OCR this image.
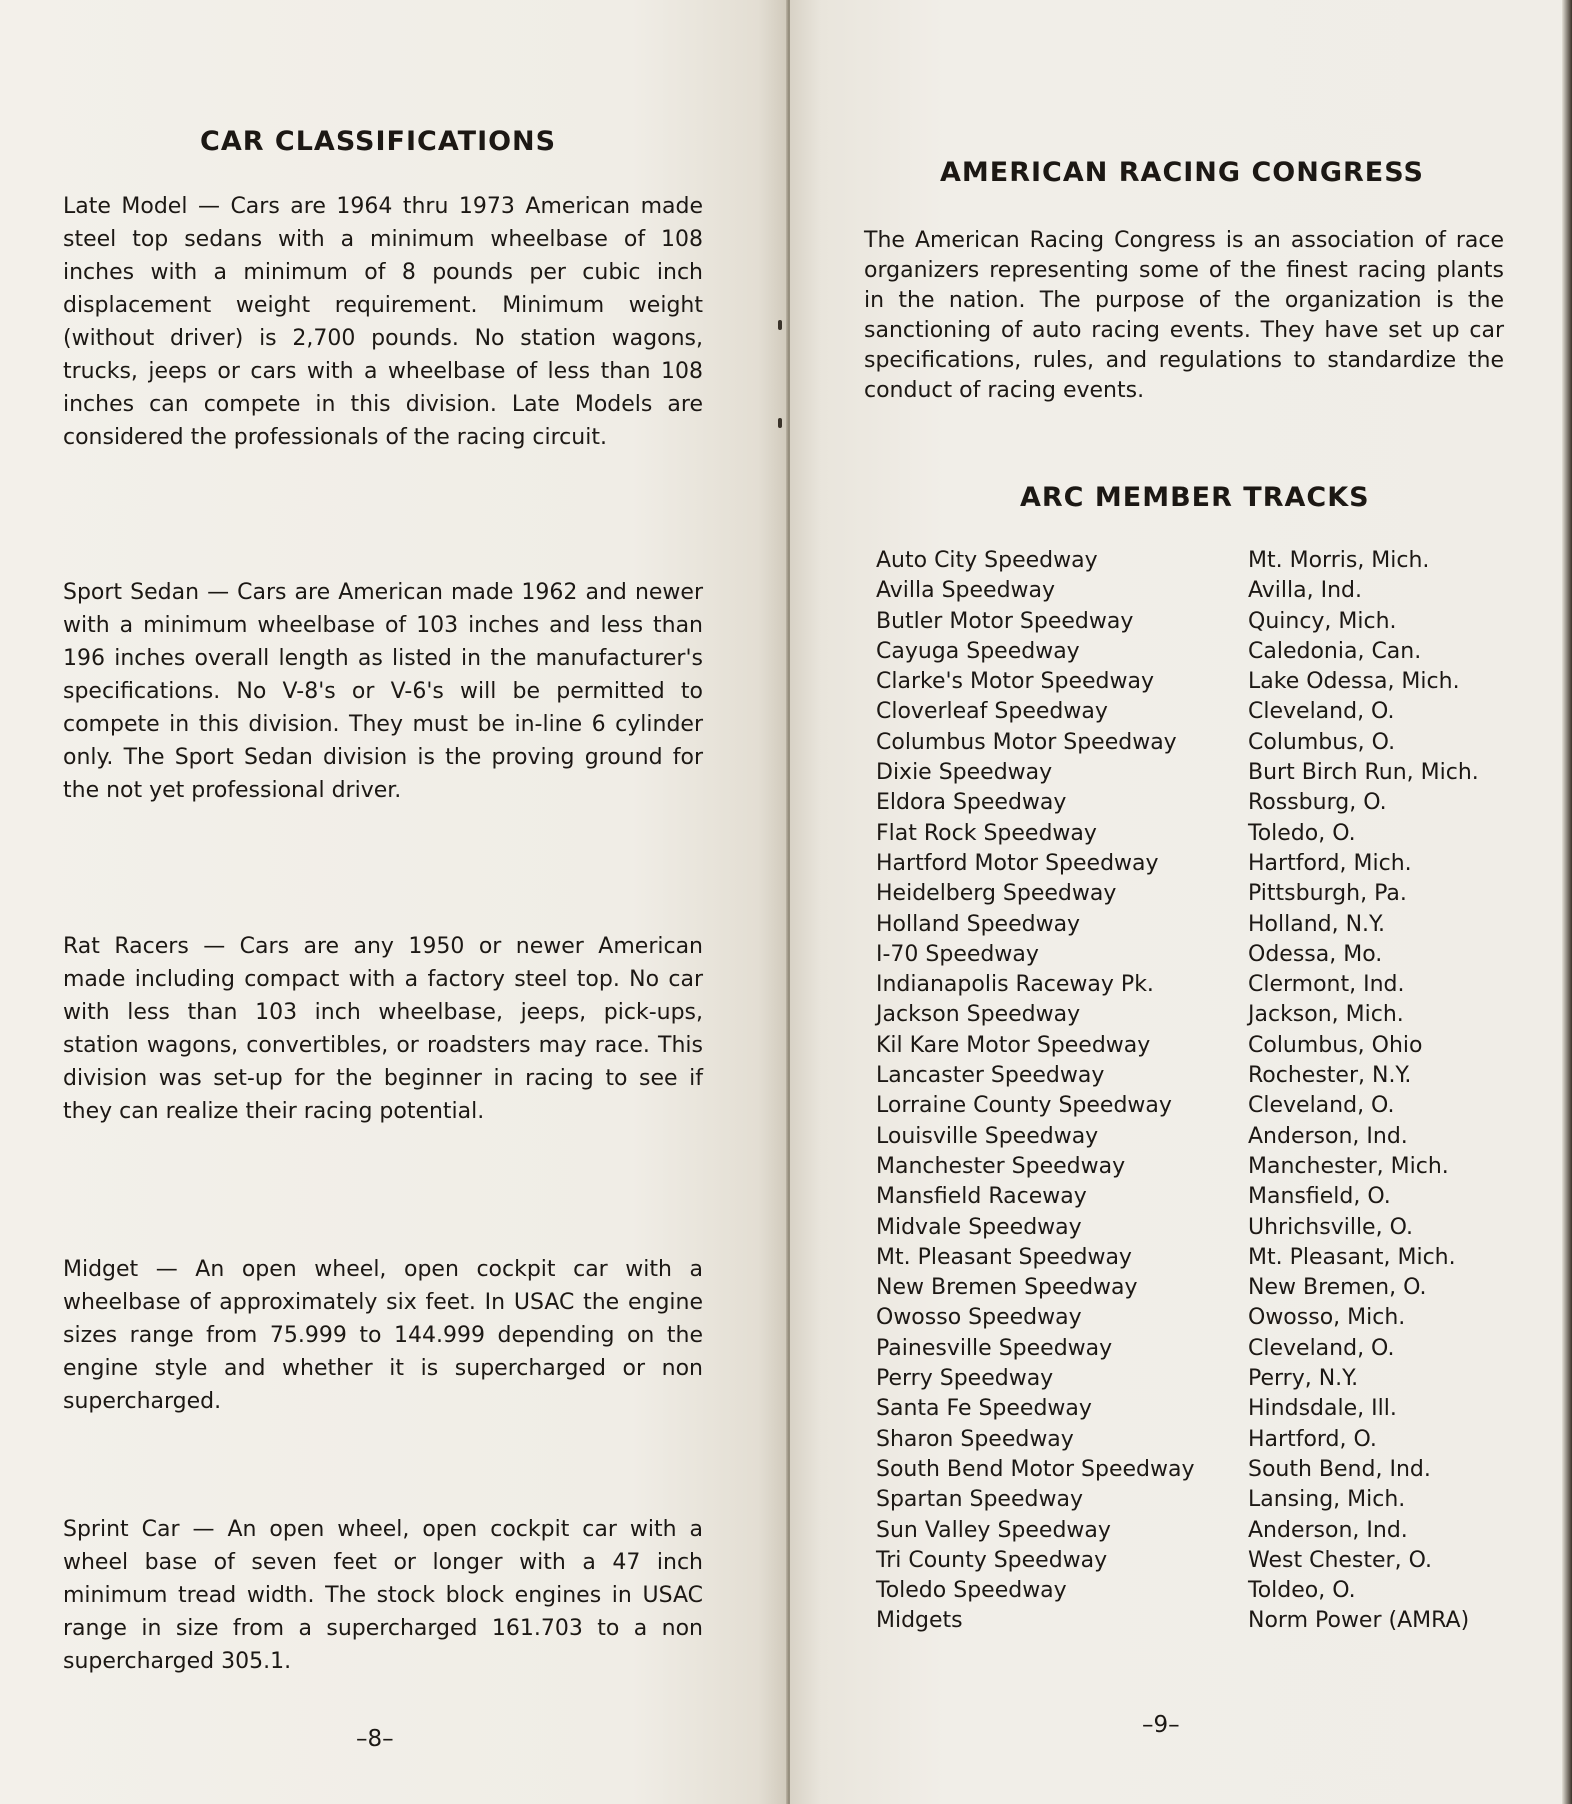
CAR CLASSIFICATIONS

Late Model — Cars are 1964 thru 1973 American made steel top sedans with a minimum wheelbase of 108 inches with a minimum of 8 pounds per cubic inch displacement weight requirement. Minimum weight (without driver) is 2,700 pounds. No station wagons, trucks, jeeps or cars with a wheelbase of less than 108 inches can compete in this division. Late Models are considered the professionals of the racing circuit.

Sport Sedan — Cars are American made 1962 and newer with a minimum wheelbase of 103 inches and less than 196 inches overall length as listed in the manufacturer's specifications. No V-8's or V-6's will be permitted to compete in this division. They must be in-line 6 cylinder only. The Sport Sedan division is the proving ground for the not yet professional driver.

Rat Racers — Cars are any 1950 or newer American made including compact with a factory steel top. No car with less than 103 inch wheelbase, jeeps, pick-ups, station wagons, convertibles, or roadsters may race. This division was set-up for the beginner in racing to see if they can realize their racing potential.

Midget — An open wheel, open cockpit car with a wheelbase of approximately six feet. In USAC the engine sizes range from 75.999 to 144.999 depending on the engine style and whether it is supercharged or non supercharged.

Sprint Car — An open wheel, open cockpit car with a wheel base of seven feet or longer with a 47 inch minimum tread width. The stock block engines in USAC range in size from a supercharged 161.703 to a non supercharged 305.1.

–8–
AMERICAN RACING CONGRESS

The American Racing Congress is an association of race organizers representing some of the finest racing plants in the nation. The purpose of the organization is the sanctioning of auto racing events. They have set up car specifications, rules, and regulations to standardize the conduct of racing events.

ARC MEMBER TRACKS
Auto City Speedway	Mt. Morris, Mich.
Avilla Speedway	Avilla, Ind.
Butler Motor Speedway	Quincy, Mich.
Cayuga Speedway	Caledonia, Can.
Clarke's Motor Speedway	Lake Odessa, Mich.
Cloverleaf Speedway	Cleveland, O.
Columbus Motor Speedway	Columbus, O.
Dixie Speedway	Burt Birch Run, Mich.
Eldora Speedway	Rossburg, O.
Flat Rock Speedway	Toledo, O.
Hartford Motor Speedway	Hartford, Mich.
Heidelberg Speedway	Pittsburgh, Pa.
Holland Speedway	Holland, N.Y.
I-70 Speedway	Odessa, Mo.
Indianapolis Raceway Pk.	Clermont, Ind.
Jackson Speedway	Jackson, Mich.
Kil Kare Motor Speedway	Columbus, Ohio
Lancaster Speedway	Rochester, N.Y.
Lorraine County Speedway	Cleveland, O.
Louisville Speedway	Anderson, Ind.
Manchester Speedway	Manchester, Mich.
Mansfield Raceway	Mansfield, O.
Midvale Speedway	Uhrichsville, O.
Mt. Pleasant Speedway	Mt. Pleasant, Mich.
New Bremen Speedway	New Bremen, O.
Owosso Speedway	Owosso, Mich.
Painesville Speedway	Cleveland, O.
Perry Speedway	Perry, N.Y.
Santa Fe Speedway	Hindsdale, Ill.
Sharon Speedway	Hartford, O.
South Bend Motor Speedway South Bend, Ind.
Spartan Speedway	Lansing, Mich.
Sun Valley Speedway	Anderson, Ind.
Tri County Speedway	West Chester, O.
Toledo Speedway	Toldeo, O.
Midgets	Norm Power (AMRA)
–9–
